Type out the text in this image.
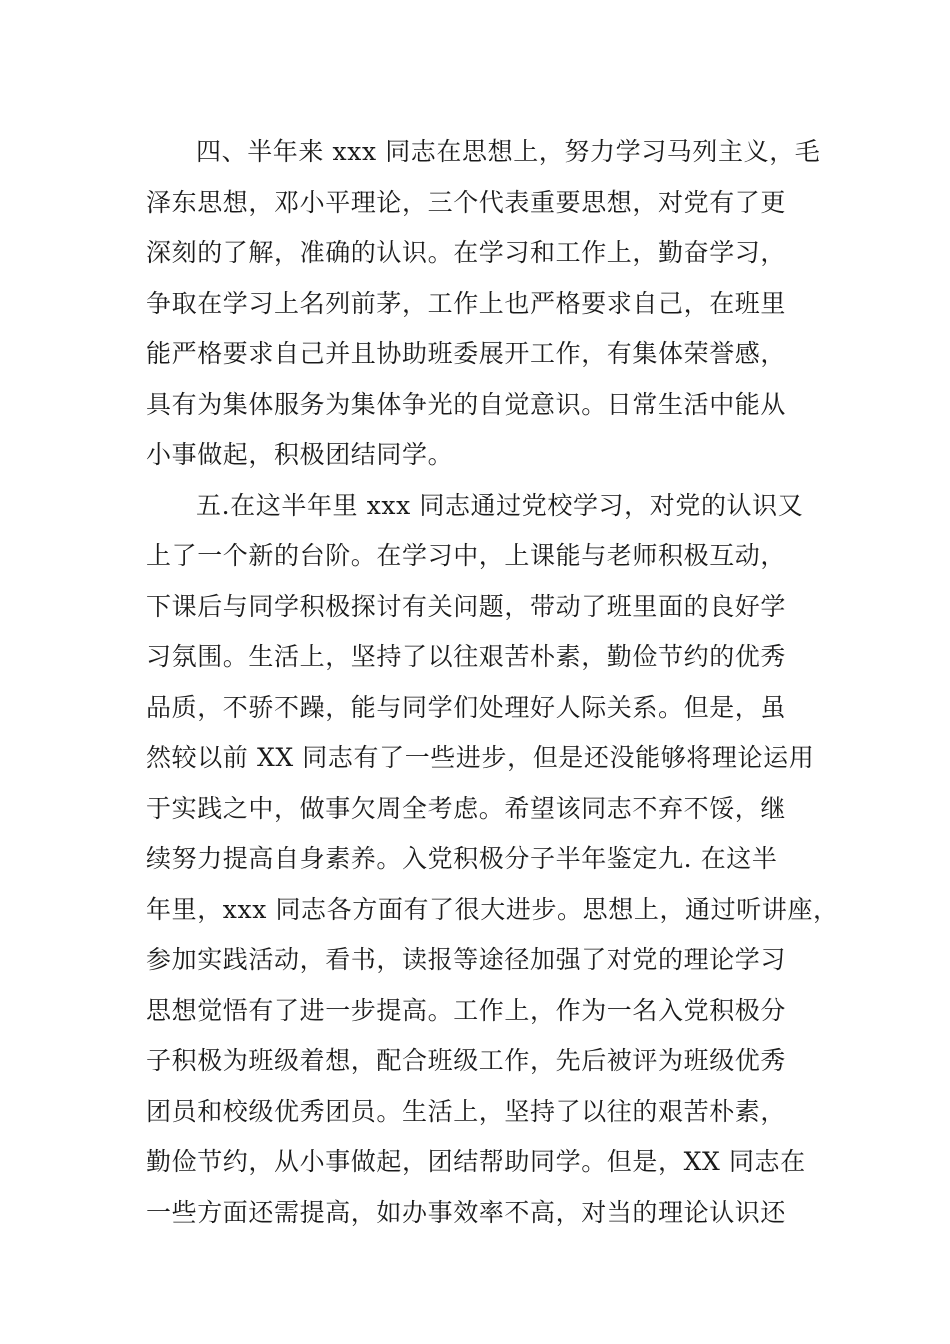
四、半年来 xxx 同志在思想上，努力学习马列主义，毛
泽东思想，邓小平理论，三个代表重要思想，对党有了更
深刻的了解，准确的认识。在学习和工作上，勤奋学习，
争取在学习上名列前茅，工作上也严格要求自己，在班里
能严格要求自己并且协助班委展开工作，有集体荣誉感，
具有为集体服务为集体争光的自觉意识。日常生活中能从
小事做起，积极团结同学。
五.在这半年里 xxx 同志通过党校学习，对党的认识又
上了一个新的台阶。在学习中，上课能与老师积极互动，
下课后与同学积极探讨有关问题，带动了班里面的良好学
习氛围。生活上，坚持了以往艰苦朴素，勤俭节约的优秀
品质，不骄不躁，能与同学们处理好人际关系。但是，虽
然较以前 XX 同志有了一些进步，但是还没能够将理论运用
于实践之中，做事欠周全考虑。希望该同志不弃不馁，继
续努力提高自身素养。入党积极分子半年鉴定九. 在这半
年里，xxx 同志各方面有了很大进步。思想上，通过听讲座，
参加实践活动，看书，读报等途径加强了对党的理论学习
思想觉悟有了进一步提高。工作上，作为一名入党积极分
子积极为班级着想，配合班级工作，先后被评为班级优秀
团员和校级优秀团员。生活上，坚持了以往的艰苦朴素，
勤俭节约，从小事做起，团结帮助同学。但是，XX 同志在
一些方面还需提高，如办事效率不高，对当的理论认识还
